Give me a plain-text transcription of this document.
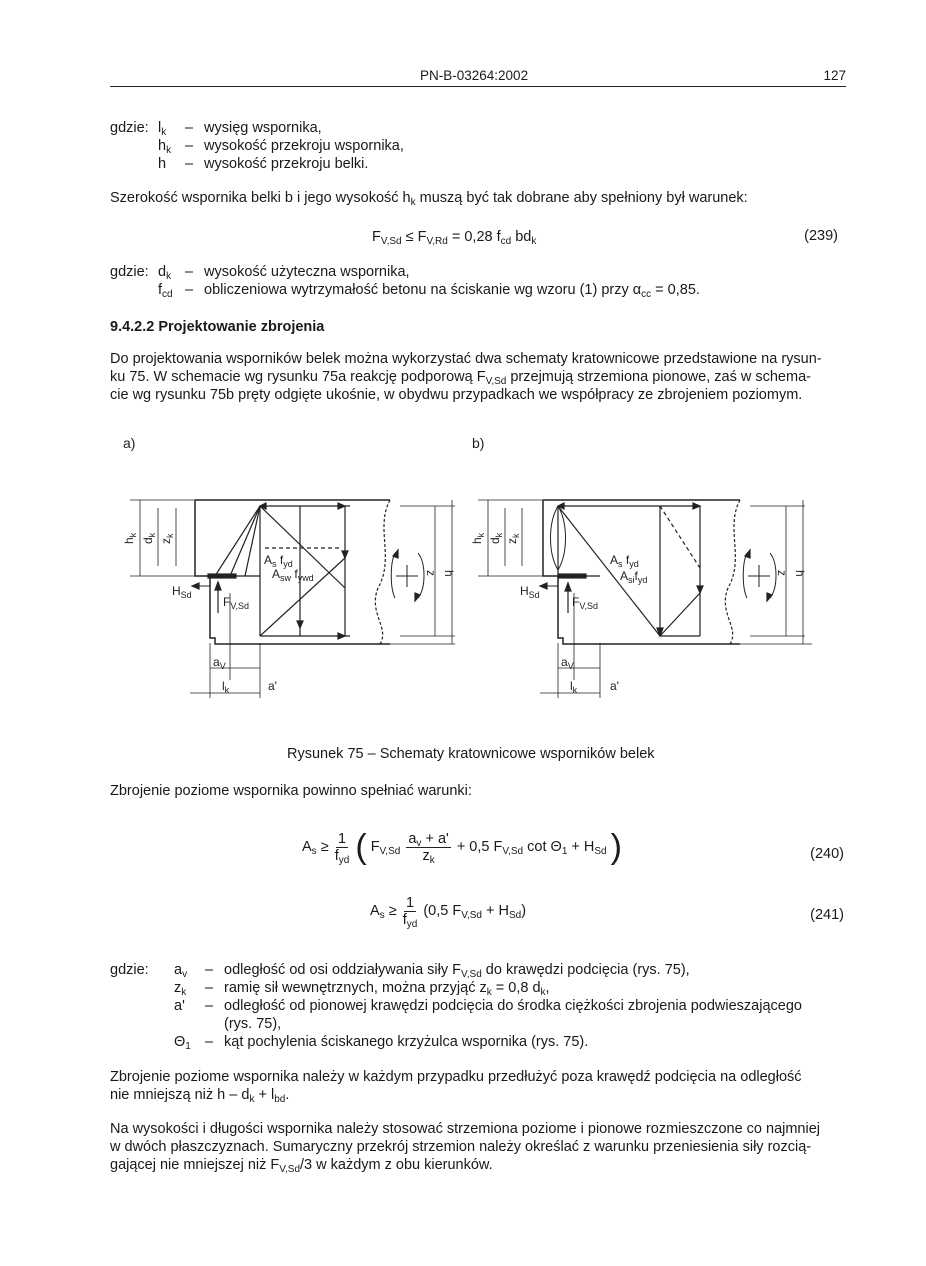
PN-B-03264:2002	127
gdzie: $l_k$	– wysięg wspornika,
$h_k$ – wysokość przekroju wspornika,
h	– wysokość przekroju belki.
Szerokość wspornika belki b i jego wysokość $h_k$ muszą być tak dobrane aby spełniony był warunek:
$F_{V,Sd} \le F_{V,Rd} = 0,28$ $f_{cd}$ $bd_k$	(239)
gdzie: $d_k$ – wysokość użyteczna wspornika,
$f_{cd}$ – obliczeniowa wytrzymałość betonu na ściskanie wg wzoru (1) przy $\alpha_{cc} = 0,85$.
9.4.2.2 Projektowanie zbrojenia
Do projektowania wsporników belek można wykorzystać dwa schematy kratownicowe przedstawione na rysun-
ku 75. W schemacie wg rysunku 75a reakcję podporową $F_{V,Sd}$ przejmują strzemiona pionowe, zaś w schema-
cie wg rysunku 75b pręty odgięte ukośnie, w obydwu przypadkach we współpracy ze zbrojeniem poziomym.
a)	b)
$h_k$
$d_k$
$z_k$
$H_{Sd}$	$F_{V,Sd}$
$A_s$ $f_{yd}$
$A_{sw}$ $f_{ywd}$
$a_V$
a'
$l_k$
z h
$h_k$
$d_k$
$z_k$
$H_{Sd}$	$F_{V,Sd}$
$A_s$ $f_{yd}$
$A_{si}f_{yd}$
$a_V$
a'
$l_k$
z h
Rysunek 75 – Schematy kratownicowe wsporników belek
Zbrojenie poziome wspornika powinno spełniać warunki:
$A_s \ge \frac{1}{f_{yd}}$ ( $F_{V,Sd} \frac{a_v + a'}{z_k} + 0,5$ $F_{V,Sd}$ $\cot \Theta_1 + H_{Sd}$ )	(240)
$A_s \ge \frac{1}{f_{yd}} (0,5$ $F_{V,Sd} + H_{Sd}$)	(241)
gdzie: $a_v$	– odległość od osi oddziaływania siły $F_{V,Sd}$ do krawędzi podcięcia (rys. 75),
$z_k$	– ramię sił wewnętrznych, można przyjąć $z_k = 0,8$ $d_k$,
a'	– odległość od pionowej krawędzi podcięcia do środka ciężkości zbrojenia podwieszającego
(rys. 75),
$\Theta_1$ – kąt pochylenia ściskanego krzyżulca wspornika (rys. 75).
Zbrojenie poziome wspornika należy w każdym przypadku przedłużyć poza krawędź podcięcia na odległość
nie mniejszą niż $h - d_k + l_{bd}$.
Na wysokości i długości wspornika należy stosować strzemiona poziome i pionowe rozmieszczone co najmniej
w dwóch płaszczyznach. Sumaryczny przekrój strzemion należy określać z warunku przeniesienia siły rozcią-
gającej nie mniejszej niż $F_{V,Sd}/3$ w każdym z obu kierunków.
